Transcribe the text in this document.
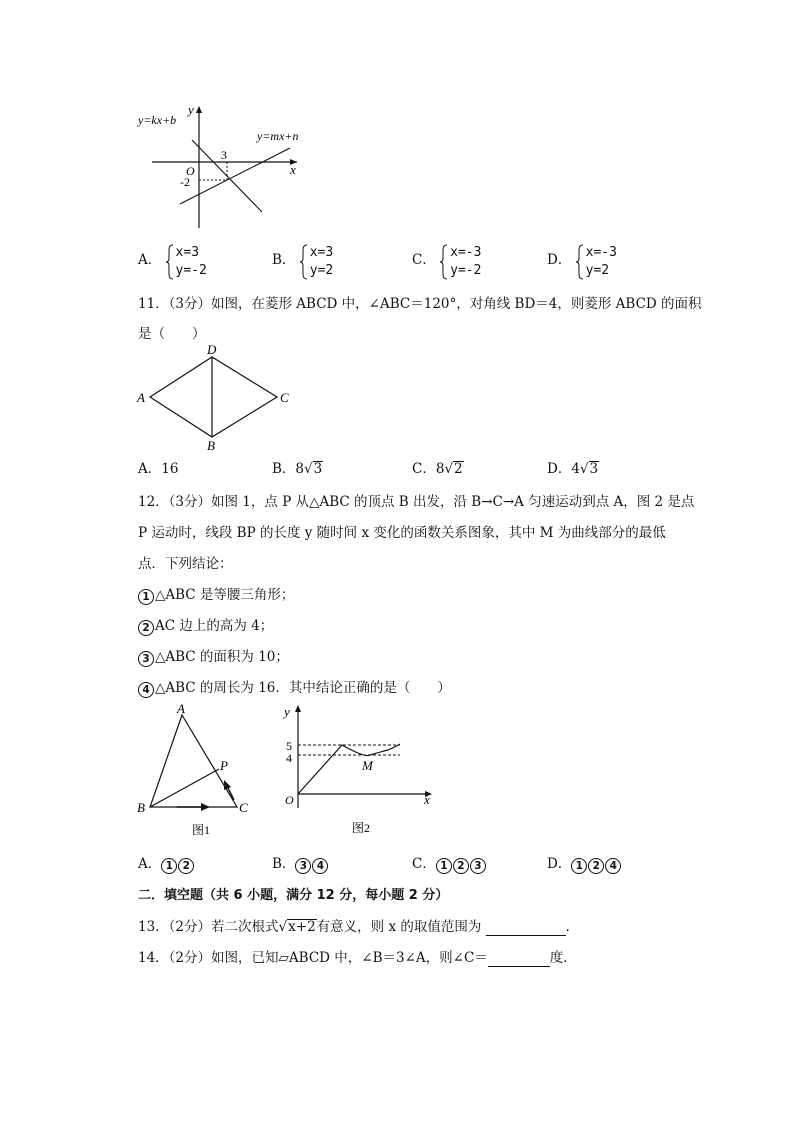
y
x
O
y=kx+b
y=mx+n
3
-2
A． x=3
y=-2
B． x=3
y=2
C． x=-3
y=-2
D． x=-3
y=2
11．（3分）如图，在菱形 ABCD 中，∠ABC＝120°，对角线 BD＝4，则菱形 ABCD 的面积
是（　　）
A
D
C
B
A．16	B．8√3	C．8√2	D．4√3
12．（3分）如图 1，点 P 从△ABC 的顶点 B 出发，沿 B→C→A 匀速运动到点 A，图 2 是点
P 运动时，线段 BP 的长度 y 随时间 x 变化的函数关系图象，其中 M 为曲线部分的最低
点．下列结论：
1 △ABC 是等腰三角形；
2 AC 边上的高为 4；
3 △ABC 的面积为 10；
4 △ABC 的周长为 16．其中结论正确的是（　　）
A
B	C
P
图1
y
x
O
5
4	M
图2
A． 1 2	B． 3 4	C． 1 2 3	D． 1 2 4
二．填空题（共 6 小题，满分 12 分，每小题 2 分）
13．（2分）若二次根式√x+2有意义，则 x 的取值范围为	．
14．（2分）如图，已知▱ABCD 中，∠B＝3∠A，则∠C＝	度．
